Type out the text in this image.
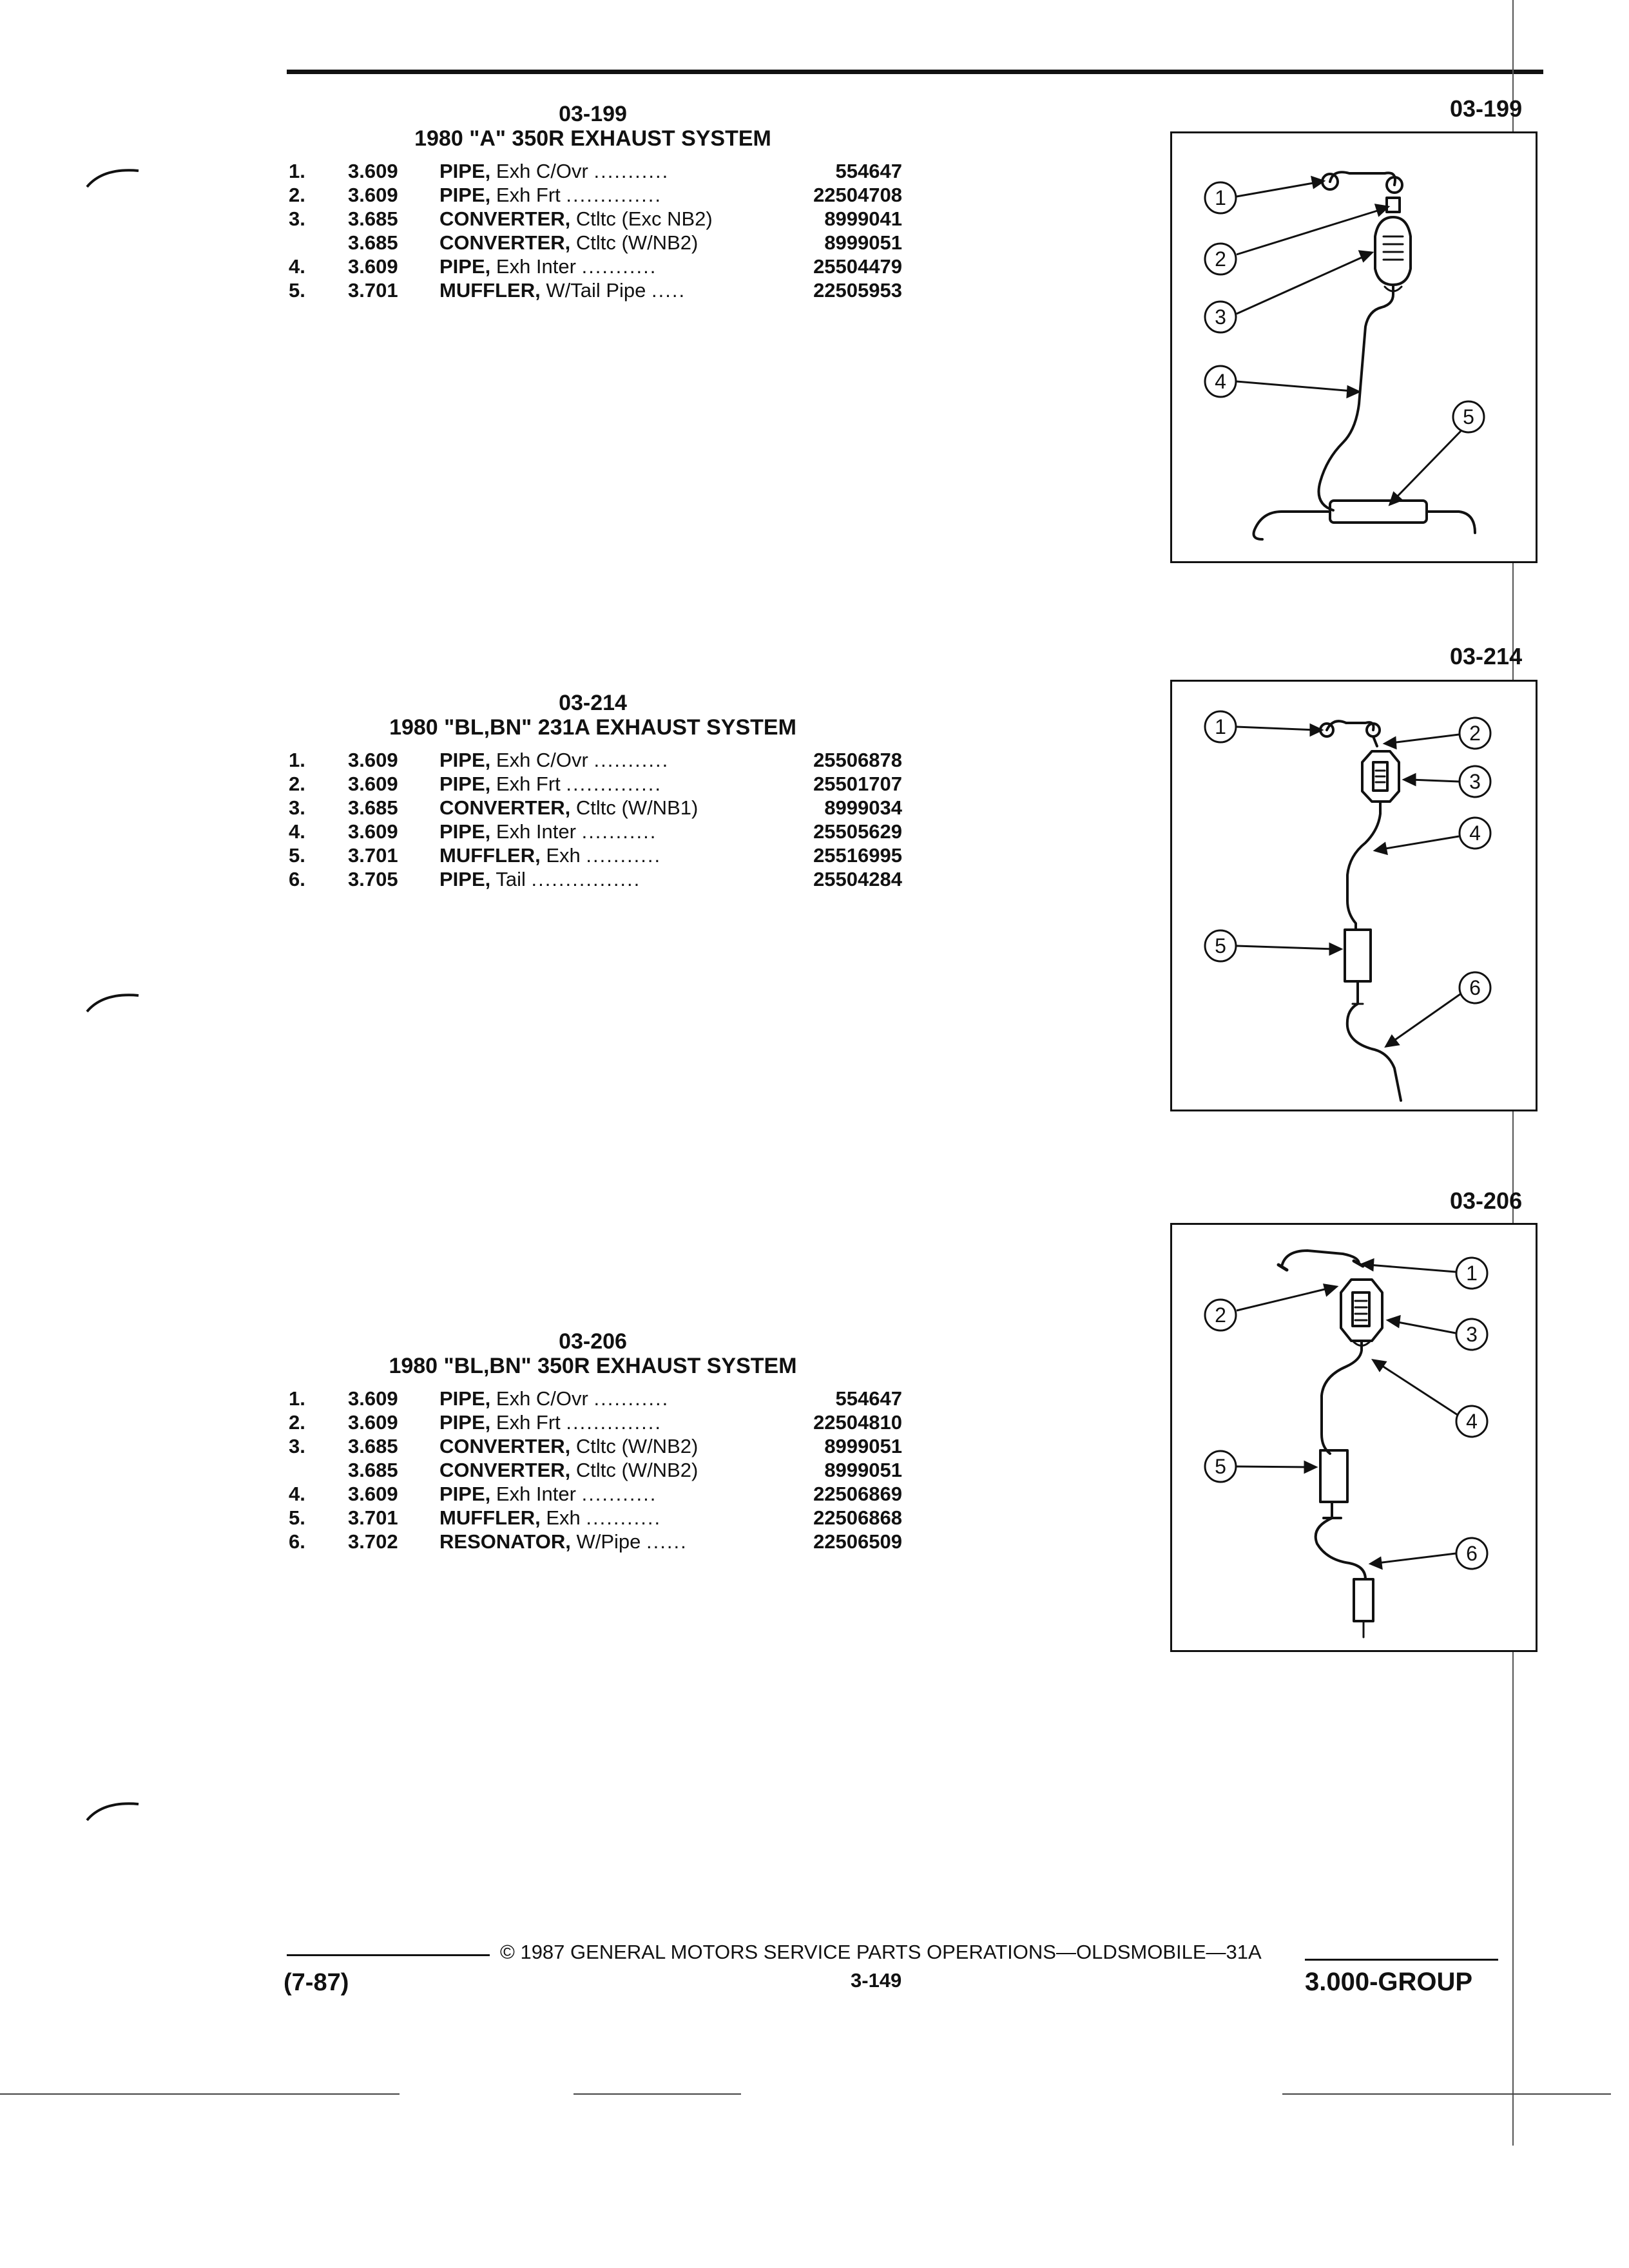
03-199
1980 "A" 350R EXHAUST SYSTEM
1. 3.609 PIPE, Exh C/Ovr ...........	554647
2. 3.609 PIPE, Exh Frt ..............	22504708
3. 3.685 CONVERTER, Ctltc (Exc NB2)	8999041
3.685 CONVERTER, Ctltc (W/NB2)	8999051
4. 3.609 PIPE, Exh Inter ...........	25504479
5. 3.701 MUFFLER, W/Tail Pipe .....	22505953
03-214
1980 "BL,BN" 231A EXHAUST SYSTEM
1. 3.609 PIPE, Exh C/Ovr ...........	25506878
2. 3.609 PIPE, Exh Frt ..............	25501707
3. 3.685 CONVERTER, Ctltc (W/NB1)	8999034
4. 3.609 PIPE, Exh Inter ...........	25505629
5. 3.701 MUFFLER, Exh ...........	25516995
6. 3.705 PIPE, Tail ................	25504284
03-206
1980 "BL,BN" 350R EXHAUST SYSTEM
1. 3.609 PIPE, Exh C/Ovr ...........	554647
2. 3.609 PIPE, Exh Frt ..............	22504810
3. 3.685 CONVERTER, Ctltc (W/NB2)	8999051
3.685 CONVERTER, Ctltc (W/NB2)	8999051
4. 3.609 PIPE, Exh Inter ...........	22506869
5. 3.701 MUFFLER, Exh ...........	22506868
6. 3.702 RESONATOR, W/Pipe ......	22506509
03-199
1
2
3
4
5
03-214
1	2
3
4
5
6
03-206
1
2
3
4
5
6
© 1987 GENERAL MOTORS SERVICE PARTS OPERATIONS—OLDSMOBILE—31A
(7-87)	3-149	3.000-GROUP
